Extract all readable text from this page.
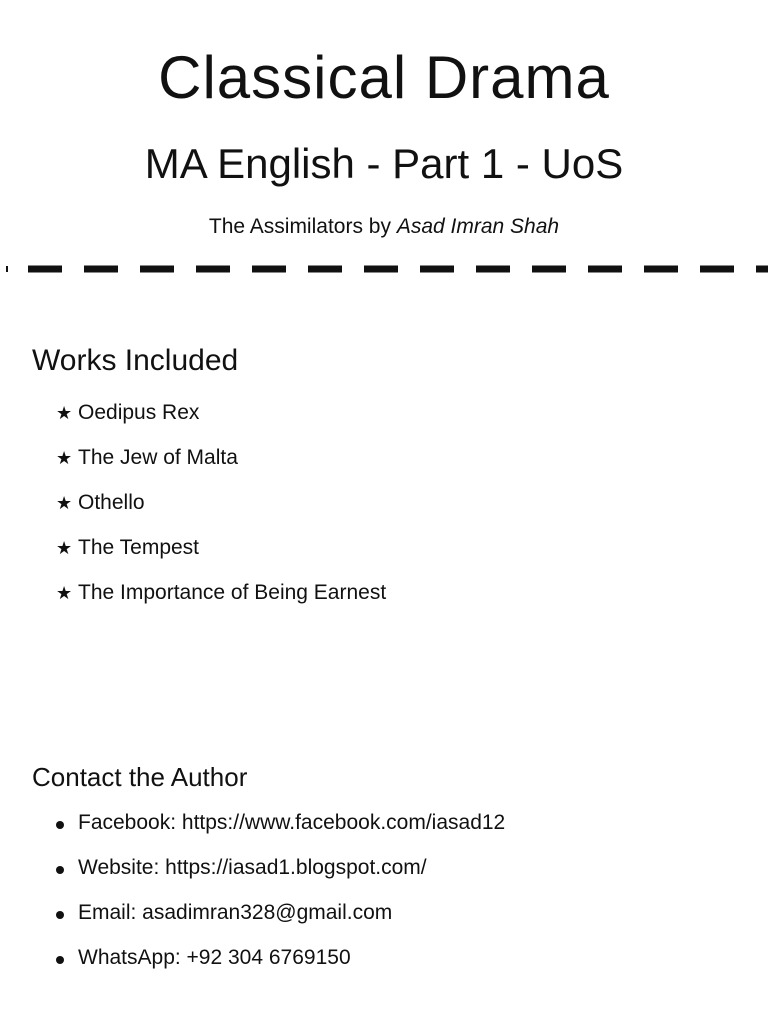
Classical Drama
MA English - Part 1 - UoS
The Assimilators by Asad Imran Shah
Works Included
★ Oedipus Rex
★ The Jew of Malta
★ Othello
★ The Tempest
★ The Importance of Being Earnest
Contact the Author
Facebook: https://www.facebook.com/iasad12
Website: https://iasad1.blogspot.com/
Email: asadimran328@gmail.com
WhatsApp: +92 304 6769150
